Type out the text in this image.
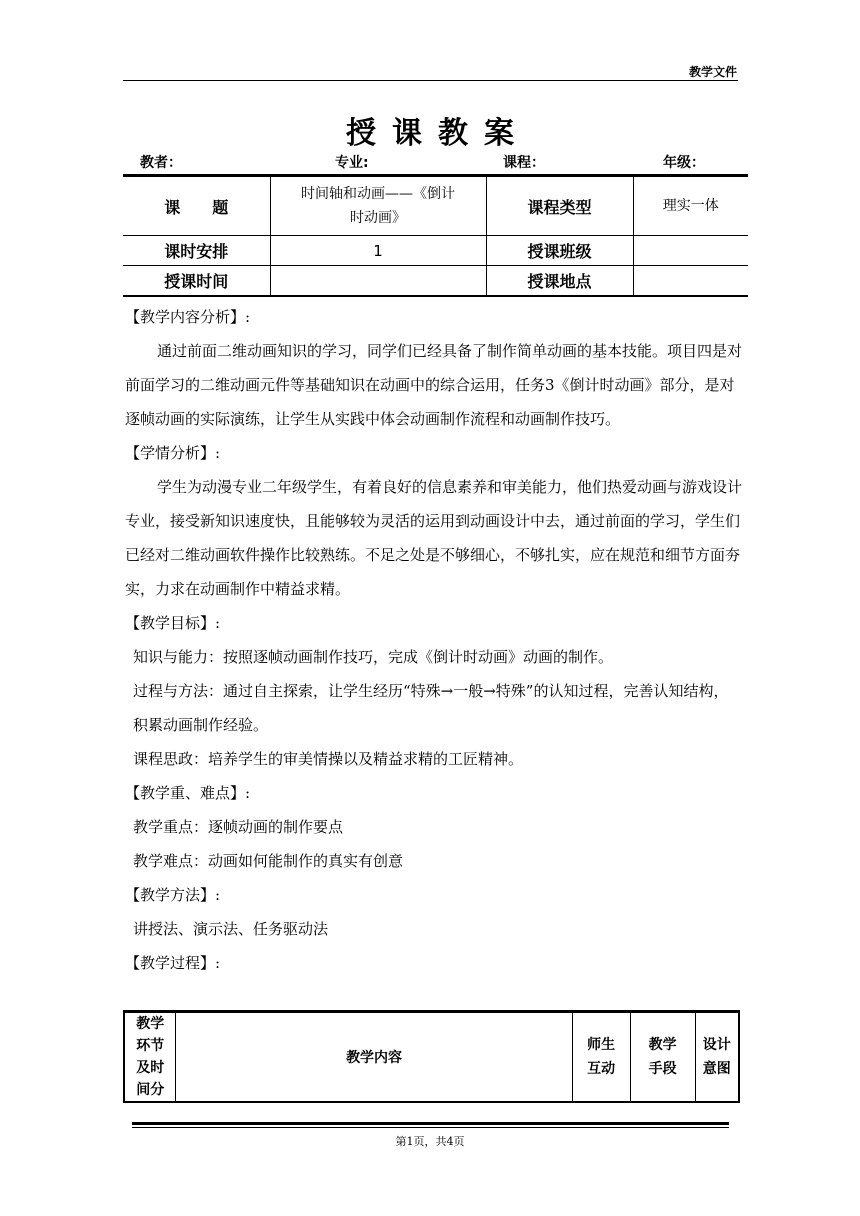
教学文件
授课教案
教者：	专业:	课程：	年级：
课　　题	时间轴和动画——《倒计时动画》	课程类型	理实一体
课时安排	1	授课班级	
授课时间		授课地点	

【教学内容分析】:

通过前面二维动画知识的学习，同学们已经具备了制作简单动画的基本技能。项目四是对前面学习的二维动画元件等基础知识在动画中的综合运用，任务3《倒计时动画》部分，是对逐帧动画的实际演练，让学生从实践中体会动画制作流程和动画制作技巧。

【学情分析】:

学生为动漫专业二年级学生，有着良好的信息素养和审美能力，他们热爱动画与游戏设计专业，接受新知识速度快，且能够较为灵活的运用到动画设计中去，通过前面的学习，学生们已经对二维动画软件操作比较熟练。不足之处是不够细心，不够扎实，应在规范和细节方面夯实，力求在动画制作中精益求精。

【教学目标】:

知识与能力：按照逐帧动画制作技巧，完成《倒计时动画》动画的制作。

过程与方法：通过自主探索，让学生经历“特殊→一般→特殊”的认知过程，完善认知结构，积累动画制作经验。

课程思政：培养学生的审美情操以及精益求精的工匠精神。

【教学重、难点】:

教学重点：逐帧动画的制作要点

教学难点：动画如何能制作的真实有创意

【教学方法】:

讲授法、演示法、任务驱动法

【教学过程】:

教学环节及时间分	教学内容	师生互动	教学手段	设计意图
第1页，共4页
